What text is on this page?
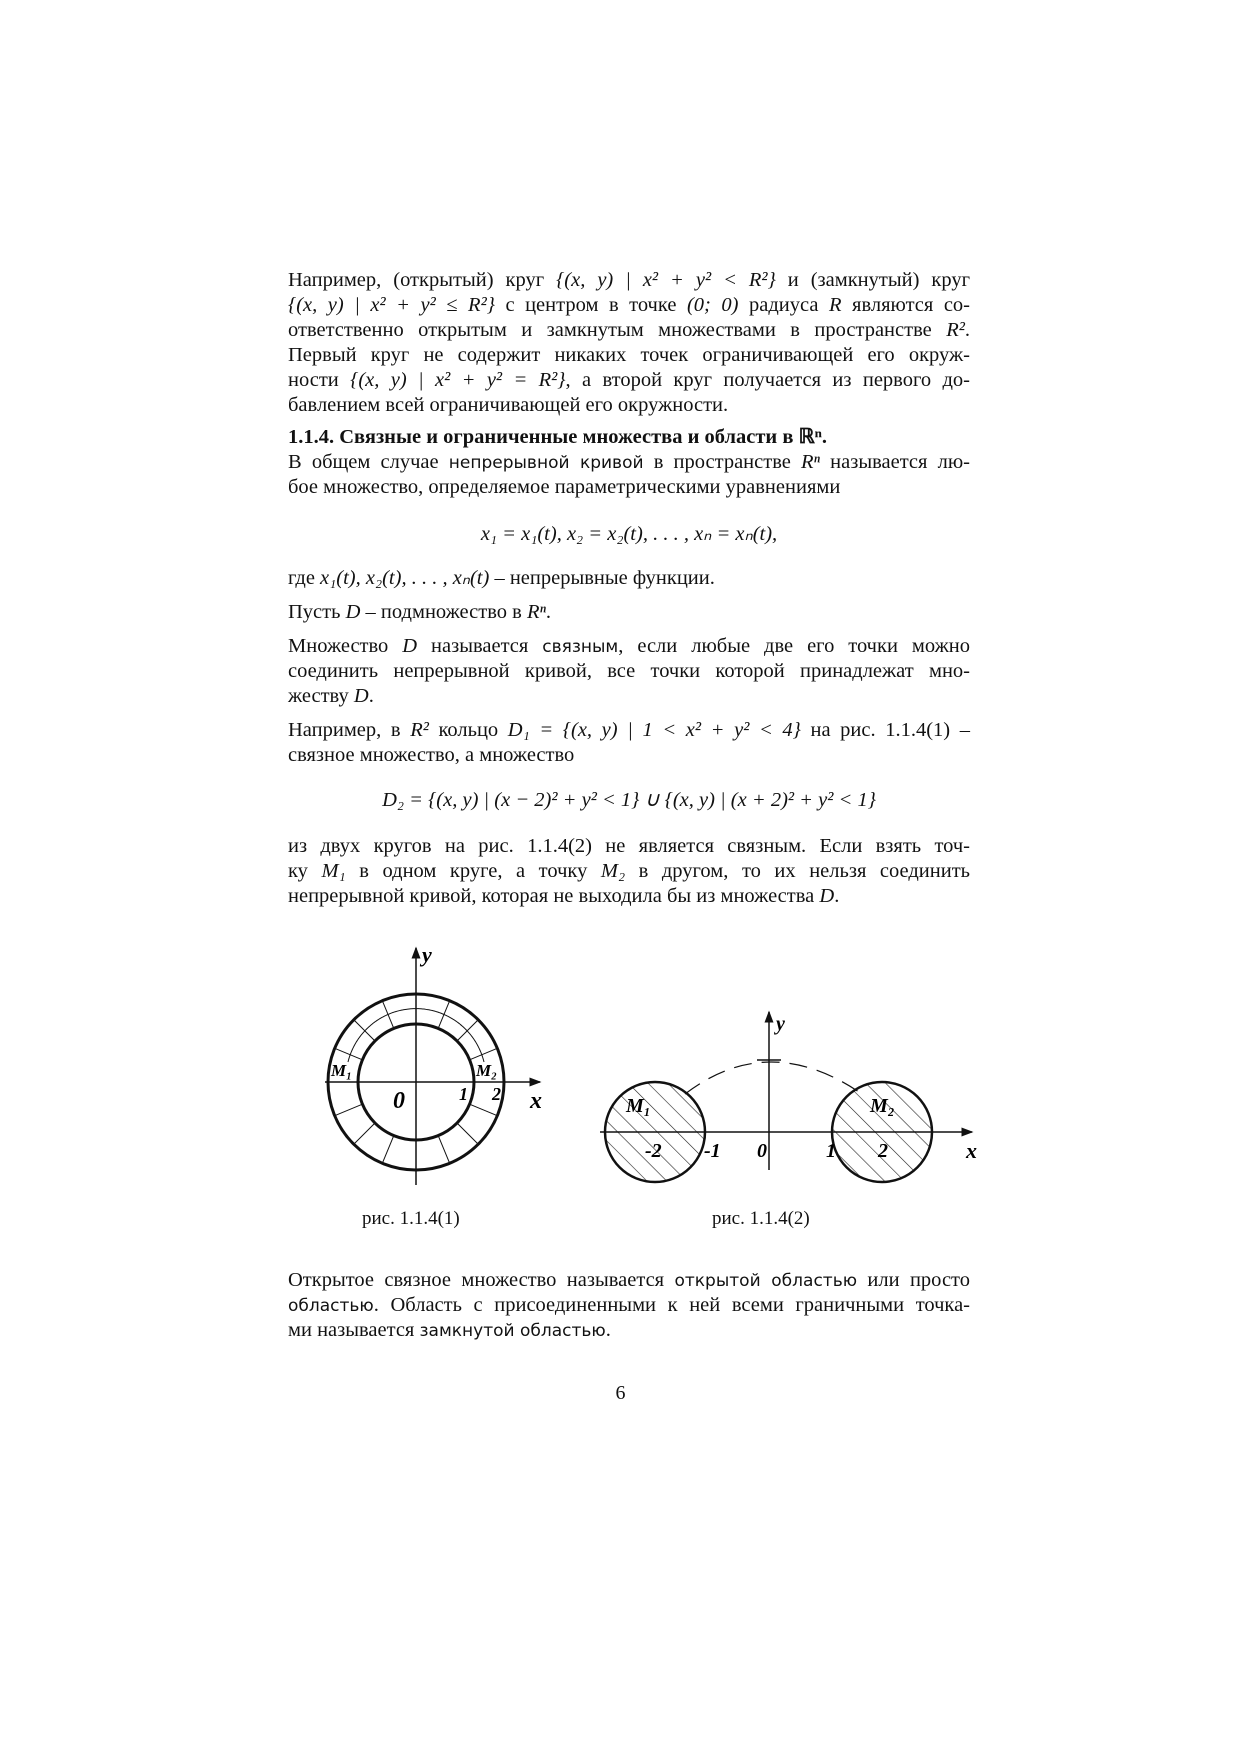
Например, (открытый) круг {(x, y) | x² + y² < R²} и (замкнутый) круг
{(x, y) | x² + y² ≤ R²} с центром в точке (0; 0) радиуса R являются со-
ответственно открытым и замкнутым множествами в пространстве R².
Первый круг не содержит никаких точек ограничивающей его окруж-
ности {(x, y) | x² + y² = R²}, а второй круг получается из первого до-
бавлением всей ограничивающей его окружности.
1.1.4. Связные и ограниченные множества и области в ℝⁿ.
В общем случае непрерывной кривой в пространстве Rⁿ называется лю-
бое множество, определяемое параметрическими уравнениями
x₁ = x₁(t), x₂ = x₂(t), . . . , xₙ = xₙ(t),
где x₁(t), x₂(t), . . . , xₙ(t) – непрерывные функции.
Пусть D – подмножество в Rⁿ.
Множество D называется связным, если любые две его точки можно
соединить непрерывной кривой, все точки которой принадлежат мно-
жеству D.
Например, в R² кольцо D₁ = {(x, y) | 1 < x² + y² < 4} на рис. 1.1.4(1) –
связное множество, а множество
D₂ = {(x, y) | (x − 2)² + y² < 1} ∪ {(x, y) | (x + 2)² + y² < 1}
из двух кругов на рис. 1.1.4(2) не является связным. Если взять точ-
ку M₁ в одном круге, а точку M₂ в другом, то их нельзя соединить
непрерывной кривой, которая не выходила бы из множества D.
Открытое связное множество называется открытой областью или просто
областью. Область с присоединенными к ней всеми граничными точка-
ми называется замкнутой областью.
y
x
0	1 2
M₁	M₂
y
x
0
-2 -1	1 2
M₁	M₂
рис. 1.1.4(1)	рис. 1.1.4(2)
6
